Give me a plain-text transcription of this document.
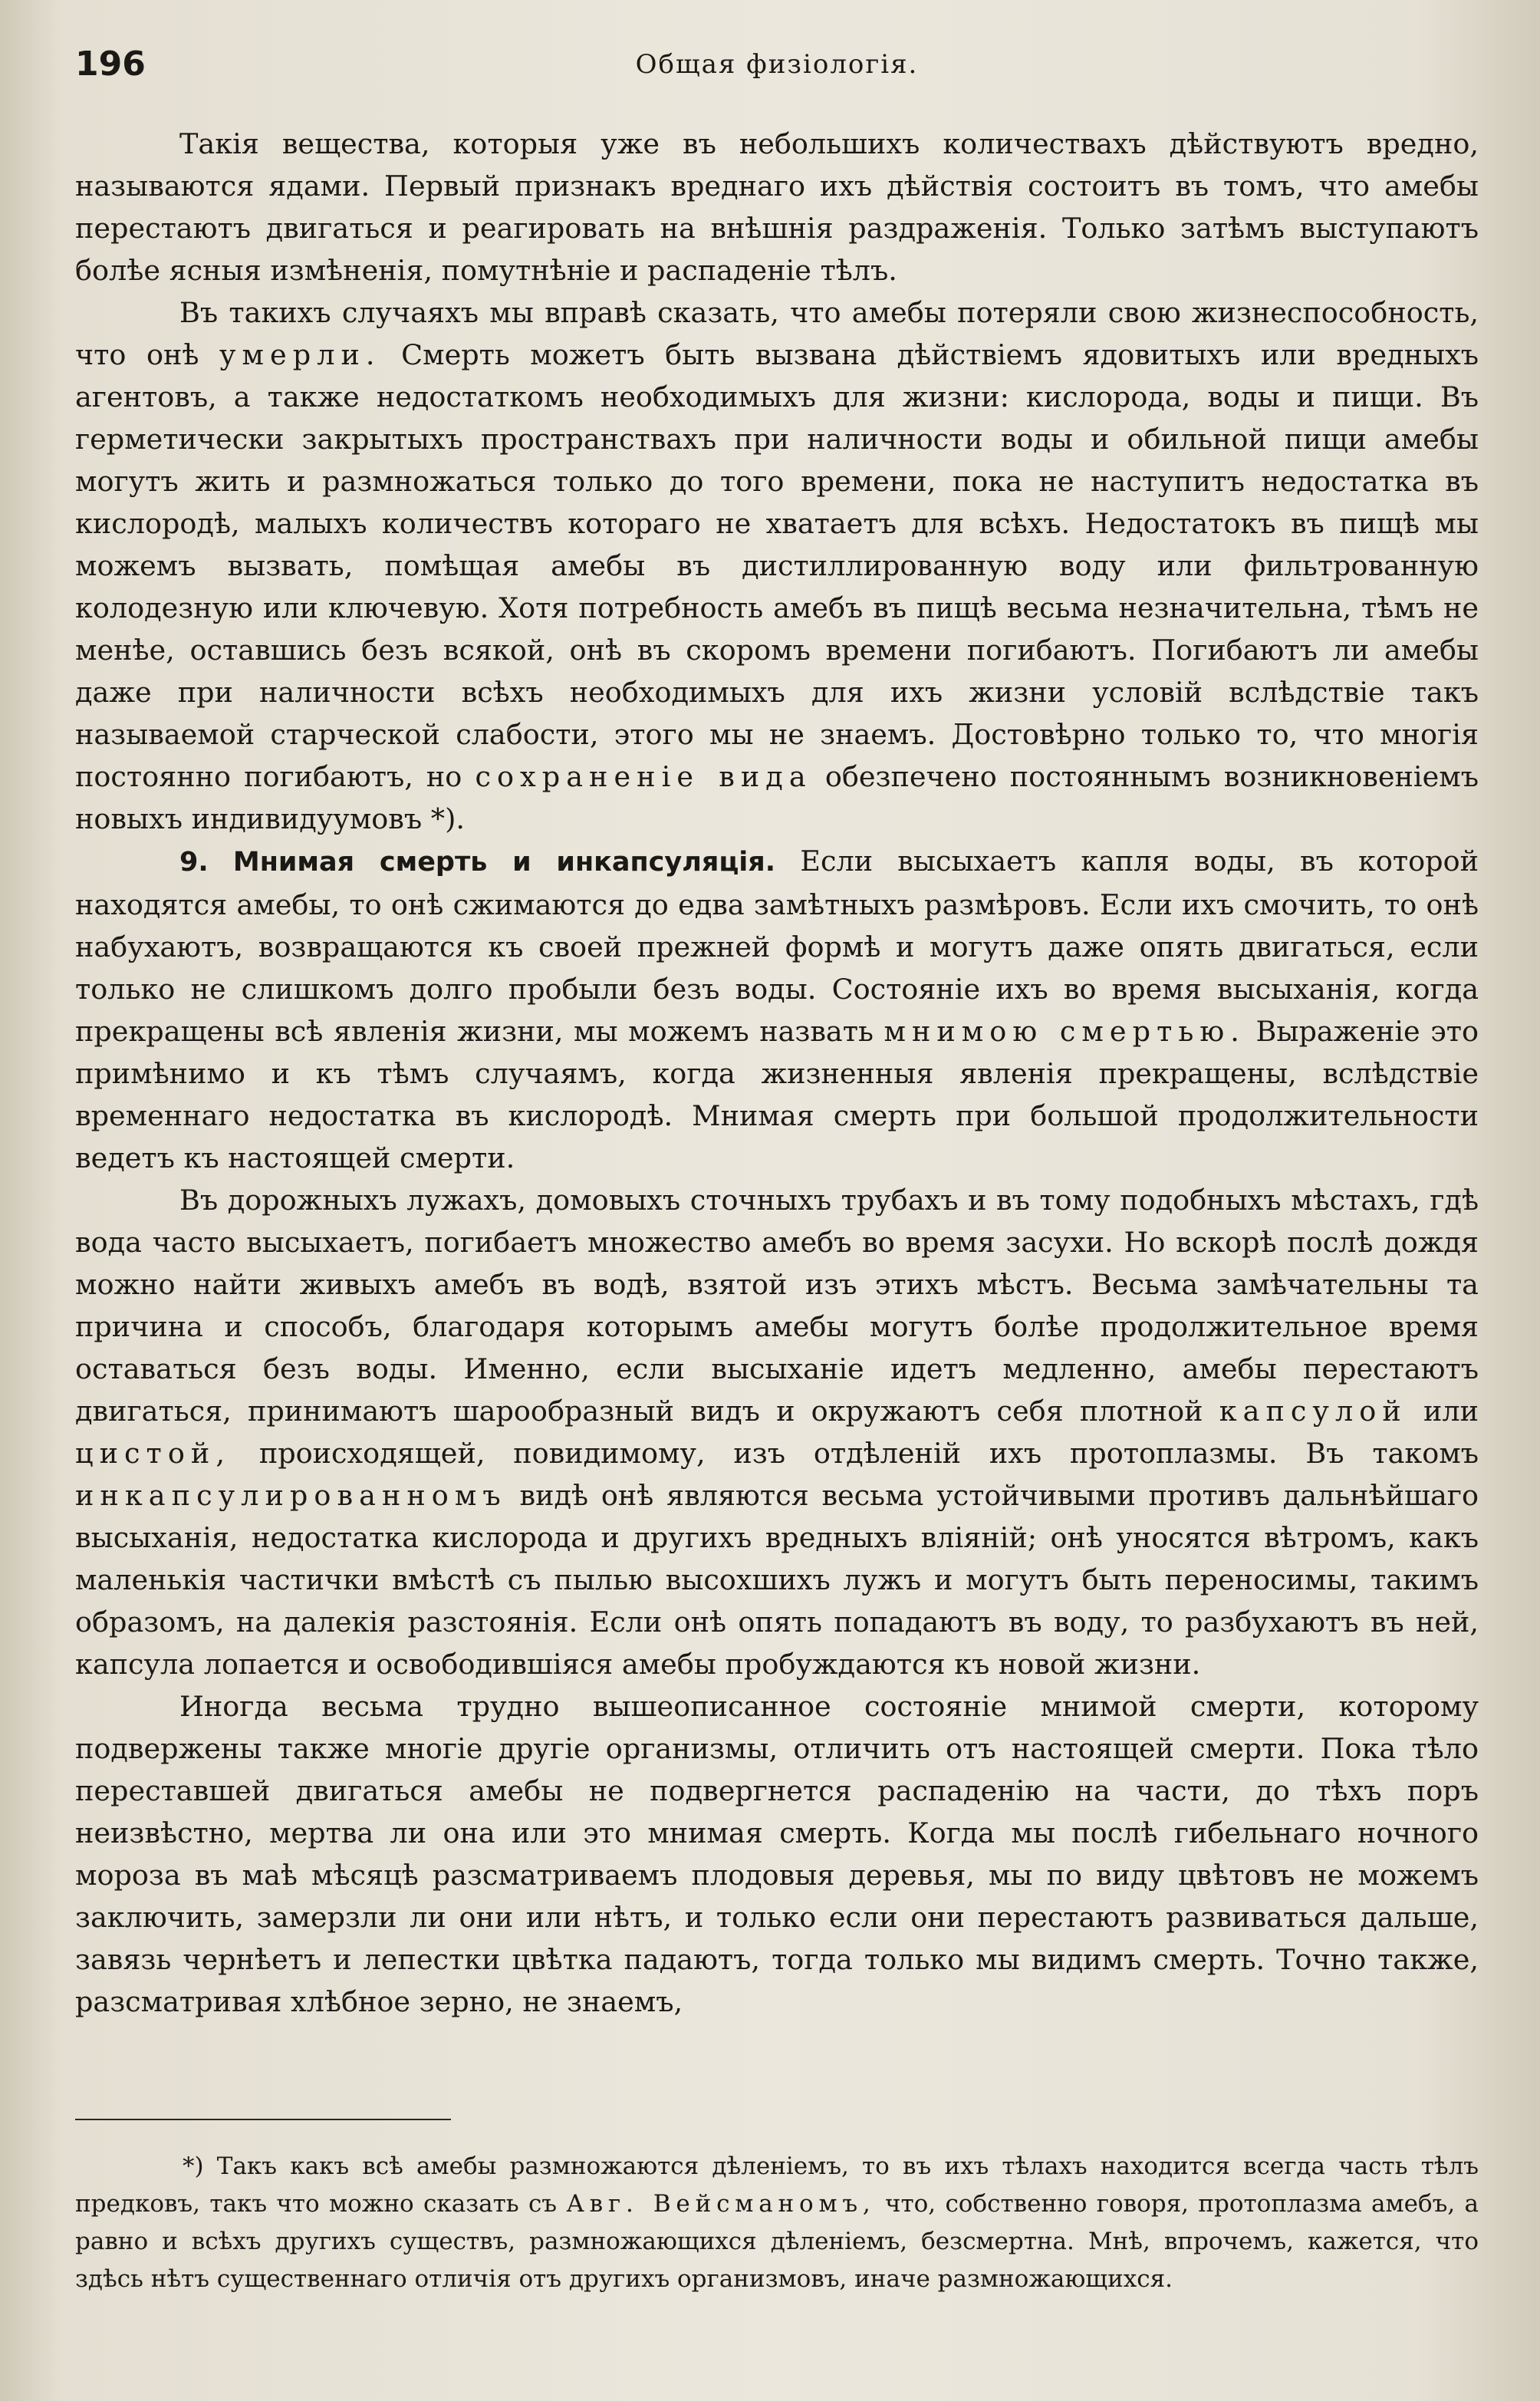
196	Общая физіологія.

Такія вещества, которыя уже въ небольшихъ количествахъ дѣйствуютъ вредно, называются ядами. Первый признакъ вреднаго ихъ дѣйствія состоитъ въ томъ, что амебы перестаютъ двигаться и реагировать на внѣшнія раздраженія. Только затѣмъ выступаютъ болѣе ясныя измѣненія, помутнѣніе и распаденіе тѣлъ.

Въ такихъ случаяхъ мы вправѣ сказать, что амебы потеряли свою жизнеспособность, что онѣ умерли. Смерть можетъ быть вызвана дѣйствіемъ ядовитыхъ или вредныхъ агентовъ, а также недостаткомъ необходимыхъ для жизни: кислорода, воды и пищи. Въ герметически закрытыхъ пространствахъ при наличности воды и обильной пищи амебы могутъ жить и размножаться только до того времени, пока не наступитъ недостатка въ кислородѣ, малыхъ количествъ котораго не хватаетъ для всѣхъ. Недостатокъ въ пищѣ мы можемъ вызвать, помѣщая амебы въ дистиллированную воду или фильтрованную колодезную или ключевую. Хотя потребность амебъ въ пищѣ весьма незначительна, тѣмъ не менѣе, оставшись безъ всякой, онѣ въ скоромъ времени погибаютъ. Погибаютъ ли амебы даже при наличности всѣхъ необходимыхъ для ихъ жизни условій вслѣдствіе такъ называемой старческой слабости, этого мы не знаемъ. Достовѣрно только то, что многія постоянно погибаютъ, но сохраненіе вида обезпечено постояннымъ возникновеніемъ новыхъ индивидуумовъ *).

9. Мнимая смерть и инкапсуляція. Если высыхаетъ капля воды, въ которой находятся амебы, то онѣ сжимаются до едва замѣтныхъ размѣровъ. Если ихъ смочить, то онѣ набухаютъ, возвращаются къ своей прежней формѣ и могутъ даже опять двигаться, если только не слишкомъ долго пробыли безъ воды. Состояніе ихъ во время высыханія, когда прекращены всѣ явленія жизни, мы можемъ назвать мнимою смертью. Выраженіе это примѣнимо и къ тѣмъ случаямъ, когда жизненныя явленія прекращены, вслѣдствіе временнаго недостатка въ кислородѣ. Мнимая смерть при большой продолжительности ведетъ къ настоящей смерти.

Въ дорожныхъ лужахъ, домовыхъ сточныхъ трубахъ и въ тому подобныхъ мѣстахъ, гдѣ вода часто высыхаетъ, погибаетъ множество амебъ во время засухи. Но вскорѣ послѣ дождя можно найти живыхъ амебъ въ водѣ, взятой изъ этихъ мѣстъ. Весьма замѣчательны та причина и способъ, благодаря которымъ амебы могутъ болѣе продолжительное время оставаться безъ воды. Именно, если высыханіе идетъ медленно, амебы перестаютъ двигаться, принимаютъ шарообразный видъ и окружаютъ себя плотной капсулой или цистой, происходящей, повидимому, изъ отдѣленій ихъ протоплазмы. Въ такомъ инкапсулированномъ видѣ онѣ являются весьма устойчивыми противъ дальнѣйшаго высыханія, недостатка кислорода и другихъ вредныхъ вліяній; онѣ уносятся вѣтромъ, какъ маленькія частички вмѣстѣ съ пылью высохшихъ лужъ и могутъ быть переносимы, такимъ образомъ, на далекія разстоянія. Если онѣ опять попадаютъ въ воду, то разбухаютъ въ ней, капсула лопается и освободившіяся амебы пробуждаются къ новой жизни.

Иногда весьма трудно вышеописанное состояніе мнимой смерти, которому подвержены также многіе другіе организмы, отличить отъ настоящей смерти. Пока тѣло переставшей двигаться амебы не подвергнется распаденію на части, до тѣхъ поръ неизвѣстно, мертва ли она или это мнимая смерть. Когда мы послѣ гибельнаго ночного мороза въ маѣ мѣсяцѣ разсматриваемъ плодовыя деревья, мы по виду цвѣтовъ не можемъ заключить, замерзли ли они или нѣтъ, и только если они перестаютъ развиваться дальше, завязь чернѣетъ и лепестки цвѣтка падаютъ, тогда только мы видимъ смерть. Точно также, разсматривая хлѣбное зерно, не знаемъ,

*) Такъ какъ всѣ амебы размножаются дѣленіемъ, то въ ихъ тѣлахъ находится всегда часть тѣлъ предковъ, такъ что можно сказать съ Авг. Вейсманомъ, что, собственно говоря, протоплазма амебъ, а равно и всѣхъ другихъ существъ, размножающихся дѣленіемъ, безсмертна. Мнѣ, впрочемъ, кажется, что здѣсь нѣтъ существеннаго отличія отъ другихъ организмовъ, иначе размножающихся.
